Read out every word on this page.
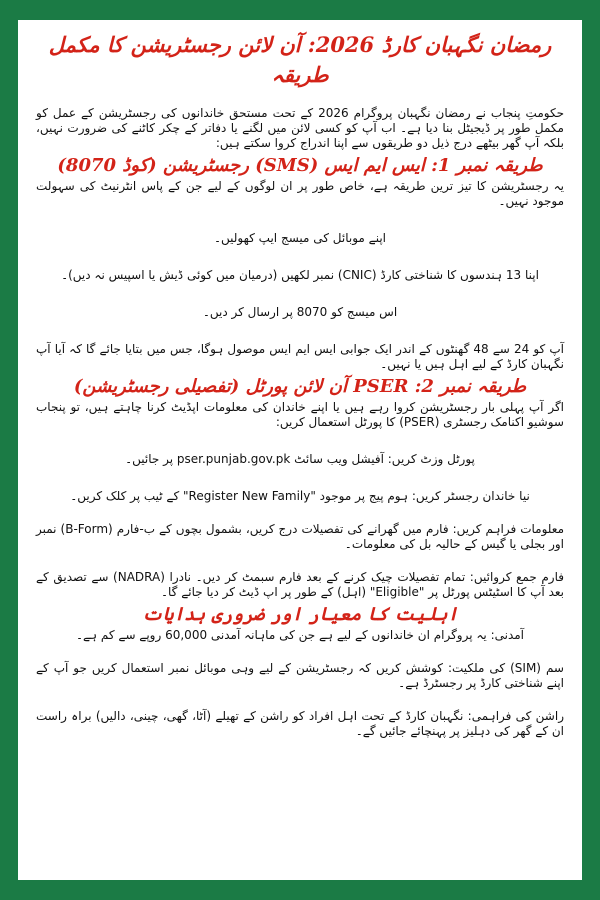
رمضان نگہبان کارڈ 2026: آن لائن رجسٹریشن کا مکمل طریقہ

حکومتِ پنجاب نے رمضان نگہبان پروگرام 2026 کے تحت مستحق خاندانوں کی رجسٹریشن کے عمل کو مکمل طور پر ڈیجیٹل بنا دیا ہے۔ اب آپ کو کسی لائن میں لگنے یا دفاتر کے چکر کاٹنے کی ضرورت نہیں، بلکہ آپ گھر بیٹھے درج ذیل دو طریقوں سے اپنا اندراج کروا سکتے ہیں:

طریقہ نمبر 1: ایس ایم ایس (SMS) رجسٹریشن (کوڈ 8070)

یہ رجسٹریشن کا تیز ترین طریقہ ہے، خاص طور پر ان لوگوں کے لیے جن کے پاس انٹرنیٹ کی سہولت موجود نہیں۔

اپنے موبائل کی میسج ایپ کھولیں۔

اپنا 13 ہندسوں کا شناختی کارڈ (CNIC) نمبر لکھیں (درمیان میں کوئی ڈیش یا اسپیس نہ دیں)۔

اس میسج کو 8070 پر ارسال کر دیں۔

آپ کو 24 سے 48 گھنٹوں کے اندر ایک جوابی ایس ایم ایس موصول ہوگا، جس میں بتایا جائے گا کہ آیا آپ نگہبان کارڈ کے لیے اہل ہیں یا نہیں۔

طریقہ نمبر 2: PSER آن لائن پورٹل (تفصیلی رجسٹریشن)

اگر آپ پہلی بار رجسٹریشن کروا رہے ہیں یا اپنے خاندان کی معلومات اپڈیٹ کرنا چاہتے ہیں، تو پنجاب سوشیو اکنامک رجسٹری (PSER) کا پورٹل استعمال کریں:

پورٹل وزٹ کریں: آفیشل ویب سائٹ pser.punjab.gov.pk پر جائیں۔

نیا خاندان رجسٹر کریں: ہوم پیج پر موجود "Register New Family" کے ٹیب پر کلک کریں۔

معلومات فراہم کریں: فارم میں گھرانے کی تفصیلات درج کریں، بشمول بچوں کے ب-فارم (B-Form) نمبر اور بجلی یا گیس کے حالیہ بل کی معلومات۔

فارم جمع کروائیں: تمام تفصیلات چیک کرنے کے بعد فارم سبمٹ کر دیں۔ نادرا (NADRA) سے تصدیق کے بعد آپ کا اسٹیٹس پورٹل پر "Eligible" (اہل) کے طور پر اپ ڈیٹ کر دیا جائے گا۔

اہلیت کا معیار اور ضروری ہدایات

آمدنی: یہ پروگرام ان خاندانوں کے لیے ہے جن کی ماہانہ آمدنی 60,000 روپے سے کم ہے۔

سم (SIM) کی ملکیت: کوشش کریں کہ رجسٹریشن کے لیے وہی موبائل نمبر استعمال کریں جو آپ کے اپنے شناختی کارڈ پر رجسٹرڈ ہے۔

راشن کی فراہمی: نگہبان کارڈ کے تحت اہل افراد کو راشن کے تھیلے (آٹا، گھی، چینی، دالیں) براہ راست ان کے گھر کی دہلیز پر پہنچائے جائیں گے۔
